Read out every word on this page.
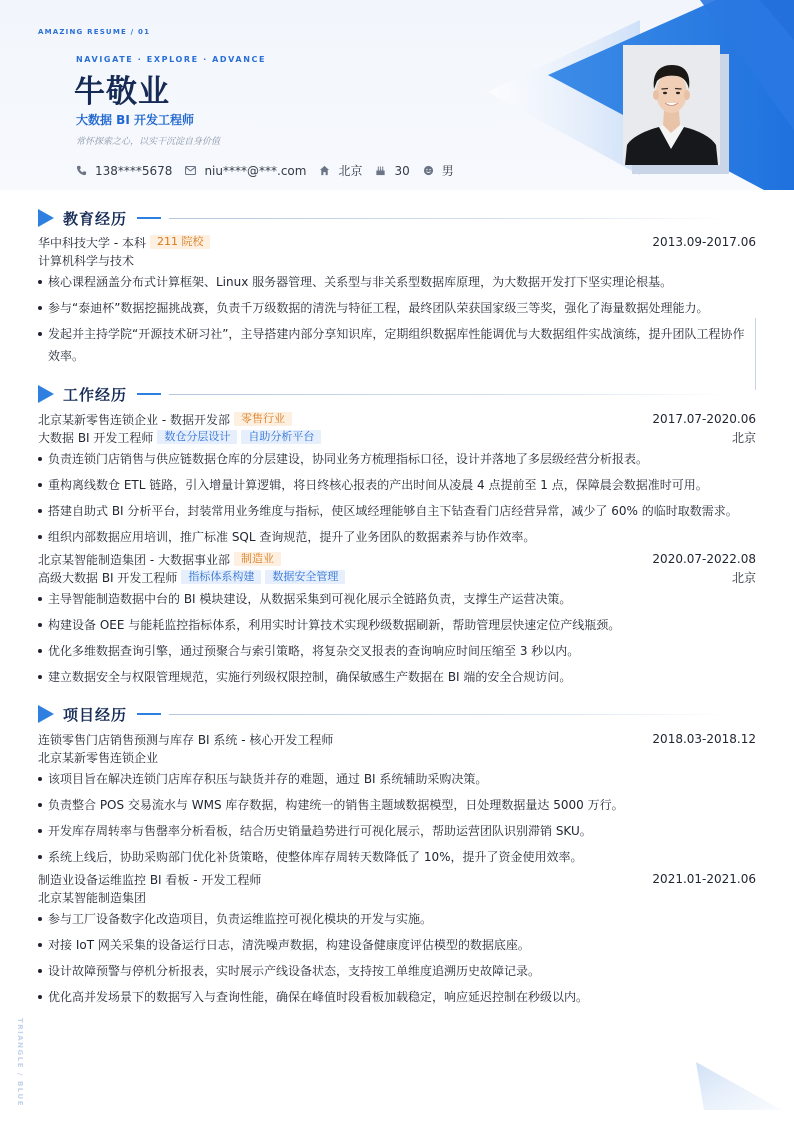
AMAZING RESUME / 01
NAVIGATE · EXPLORE · ADVANCE
牛敬业
大数据 BI 开发工程师
常怀探索之心，以实干沉淀自身价值
138****5678	niu****@***.com	北京	30	男
教育经历
华中科技大学 - 本科	211 院校	2013.09-2017.06
计算机科学与技术
核心课程涵盖分布式计算框架、Linux 服务器管理、关系型与非关系型数据库原理，为大数据开发打下坚实理论根基。
参与“泰迪杯”数据挖掘挑战赛，负责千万级数据的清洗与特征工程，最终团队荣获国家级三等奖，强化了海量数据处理能力。
发起并主持学院“开源技术研习社”，主导搭建内部分享知识库，定期组织数据库性能调优与大数据组件实战演练，提升团队工程协作效率。
工作经历
北京某新零售连锁企业 - 数据开发部	零售行业	2017.07-2020.06
大数据 BI 开发工程师	数仓分层设计	自助分析平台	北京
负责连锁门店销售与供应链数据仓库的分层建设，协同业务方梳理指标口径，设计并落地了多层级经营分析报表。
重构离线数仓 ETL 链路，引入增量计算逻辑，将日终核心报表的产出时间从凌晨 4 点提前至 1 点，保障晨会数据准时可用。
搭建自助式 BI 分析平台，封装常用业务维度与指标，使区域经理能够自主下钻查看门店经营异常，减少了 60% 的临时取数需求。
组织内部数据应用培训，推广标准 SQL 查询规范，提升了业务团队的数据素养与协作效率。
北京某智能制造集团 - 大数据事业部	制造业	2020.07-2022.08
高级大数据 BI 开发工程师	指标体系构建	数据安全管理	北京
主导智能制造数据中台的 BI 模块建设，从数据采集到可视化展示全链路负责，支撑生产运营决策。
构建设备 OEE 与能耗监控指标体系，利用实时计算技术实现秒级数据刷新，帮助管理层快速定位产线瓶颈。
优化多维数据查询引擎，通过预聚合与索引策略，将复杂交叉报表的查询响应时间压缩至 3 秒以内。
建立数据安全与权限管理规范，实施行列级权限控制，确保敏感生产数据在 BI 端的安全合规访问。
项目经历
连锁零售门店销售预测与库存 BI 系统 - 核心开发工程师	2018.03-2018.12
北京某新零售连锁企业
该项目旨在解决连锁门店库存积压与缺货并存的难题，通过 BI 系统辅助采购决策。
负责整合 POS 交易流水与 WMS 库存数据，构建统一的销售主题域数据模型，日处理数据量达 5000 万行。
开发库存周转率与售罄率分析看板，结合历史销量趋势进行可视化展示，帮助运营团队识别滞销 SKU。
系统上线后，协助采购部门优化补货策略，使整体库存周转天数降低了 10%，提升了资金使用效率。
制造业设备运维监控 BI 看板 - 开发工程师	2021.01-2021.06
北京某智能制造集团
参与工厂设备数字化改造项目，负责运维监控可视化模块的开发与实施。
对接 IoT 网关采集的设备运行日志，清洗噪声数据，构建设备健康度评估模型的数据底座。
设计故障预警与停机分析报表，实时展示产线设备状态，支持按工单维度追溯历史故障记录。
优化高并发场景下的数据写入与查询性能，确保在峰值时段看板加载稳定，响应延迟控制在秒级以内。
TRIANGLE / BLUE
